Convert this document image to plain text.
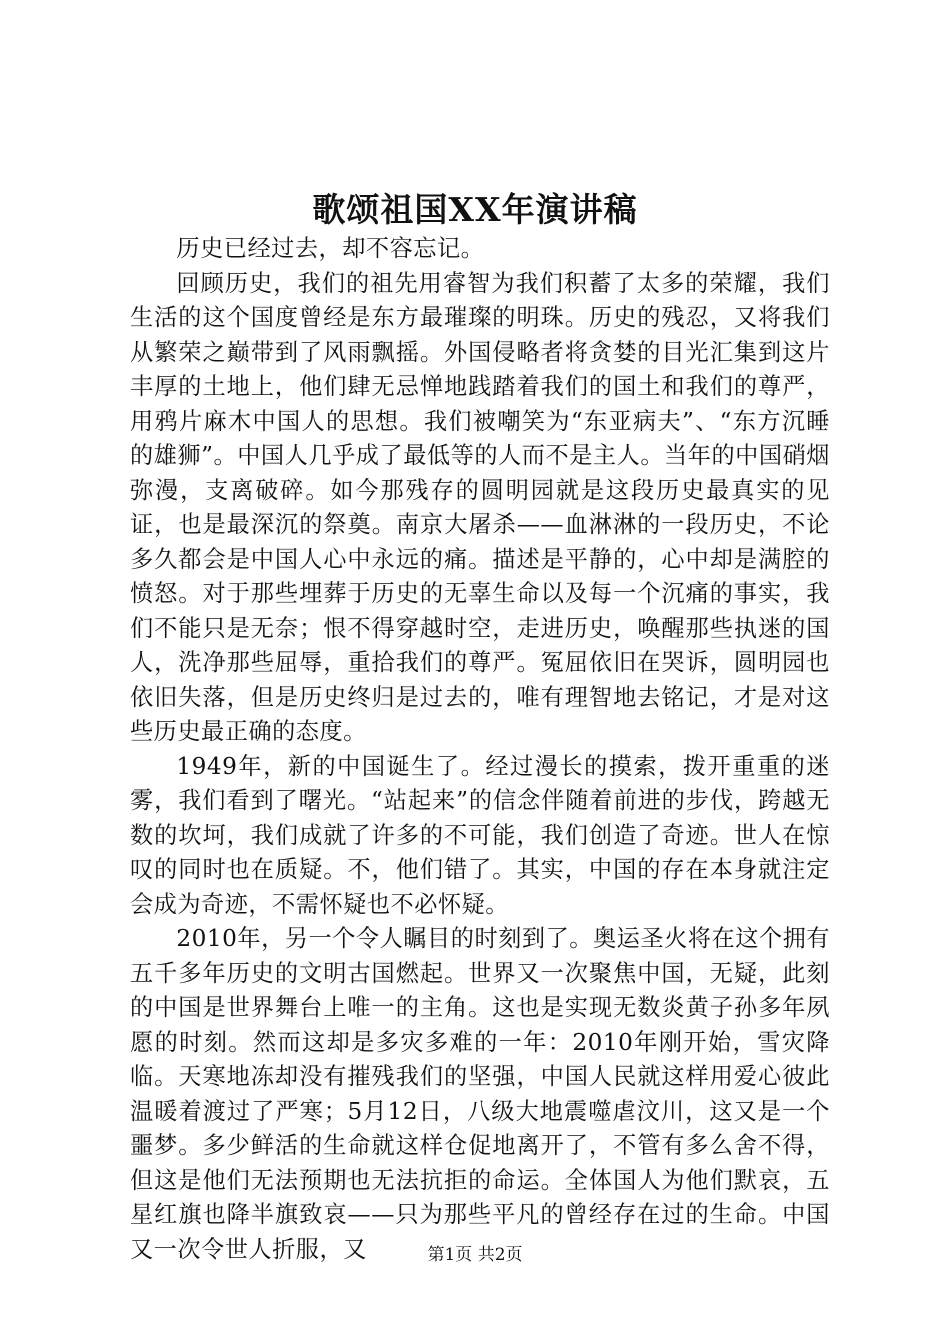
歌颂祖国XX年演讲稿

历史已经过去，却不容忘记。

回顾历史，我们的祖先用睿智为我们积蓄了太多的荣耀，我们生活的这个国度曾经是东方最璀璨的明珠。历史的残忍，又将我们从繁荣之巅带到了风雨飘摇。外国侵略者将贪婪的目光汇集到这片丰厚的土地上，他们肆无忌惮地践踏着我们的国土和我们的尊严，用鸦片麻木中国人的思想。我们被嘲笑为“东亚病夫”、“东方沉睡的雄狮”。中国人几乎成了最低等的人而不是主人。当年的中国硝烟弥漫，支离破碎。如今那残存的圆明园就是这段历史最真实的见证，也是最深沉的祭奠。南京大屠杀——血淋淋的一段历史，不论多久都会是中国人心中永远的痛。描述是平静的，心中却是满腔的愤怒。对于那些埋葬于历史的无辜生命以及每一个沉痛的事实，我们不能只是无奈；恨不得穿越时空，走进历史，唤醒那些执迷的国人，洗净那些屈辱，重拾我们的尊严。冤屈依旧在哭诉，圆明园也依旧失落，但是历史终归是过去的，唯有理智地去铭记，才是对这些历史最正确的态度。

1949年，新的中国诞生了。经过漫长的摸索，拨开重重的迷雾，我们看到了曙光。“站起来”的信念伴随着前进的步伐，跨越无数的坎坷，我们成就了许多的不可能，我们创造了奇迹。世人在惊叹的同时也在质疑。不，他们错了。其实，中国的存在本身就注定会成为奇迹，不需怀疑也不必怀疑。

2010年，另一个令人瞩目的时刻到了。奥运圣火将在这个拥有五千多年历史的文明古国燃起。世界又一次聚焦中国，无疑，此刻的中国是世界舞台上唯一的主角。这也是实现无数炎黄子孙多年夙愿的时刻。然而这却是多灾多难的一年：2010年刚开始，雪灾降临。天寒地冻却没有摧残我们的坚强，中国人民就这样用爱心彼此温暖着渡过了严寒；5月12日，八级大地震噬虐汶川，这又是一个噩梦。多少鲜活的生命就这样仓促地离开了，不管有多么舍不得，但这是他们无法预期也无法抗拒的命运。全体国人为他们默哀，五星红旗也降半旗致哀——只为那些平凡的曾经存在过的生命。中国又一次令世人折服，又	第1页 共2页
